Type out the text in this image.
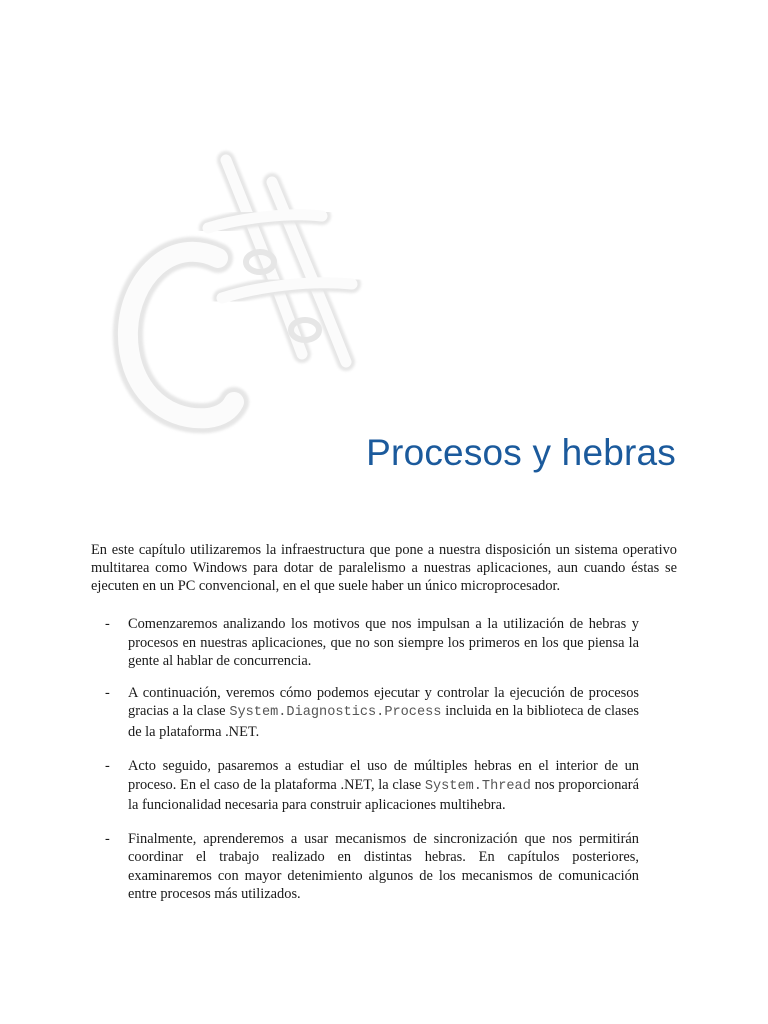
Procesos y hebras

En este capítulo utilizaremos la infraestructura que pone a nuestra disposición un sistema operativo multitarea como Windows para dotar de paralelismo a nuestras aplicaciones, aun cuando éstas se ejecuten en un PC convencional, en el que suele haber un único microprocesador.

- Comenzaremos analizando los motivos que nos impulsan a la utilización de hebras y procesos en nuestras aplicaciones, que no son siempre los primeros en los que piensa la gente al hablar de concurrencia.
- A continuación, veremos cómo podemos ejecutar y controlar la ejecución de procesos gracias a la clase System.Diagnostics.Process incluida en la biblioteca de clases de la plataforma .NET.
- Acto seguido, pasaremos a estudiar el uso de múltiples hebras en el interior de un proceso. En el caso de la plataforma .NET, la clase System.Thread nos proporcionará la funcionalidad necesaria para construir aplicaciones multihebra.
- Finalmente, aprenderemos a usar mecanismos de sincronización que nos permitirán coordinar el trabajo realizado en distintas hebras. En capítulos posteriores, examinaremos con mayor detenimiento algunos de los mecanismos de comunicación entre procesos más utilizados.
